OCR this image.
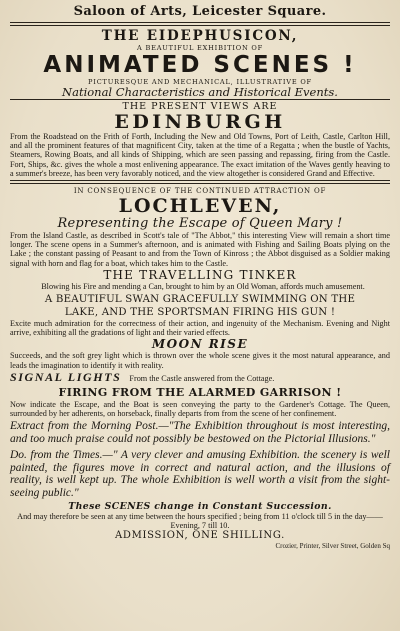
Saloon of Arts, Leicester Square.
THE EIDEPHUSICON,
A BEAUTIFUL EXHIBITION OF
ANIMATED SCENES !
PICTURESQUE AND MECHANICAL, ILLUSTRATIVE OF
National Characteristics and Historical Events.
THE PRESENT VIEWS ARE
EDINBURGH
From the Roadstead on the Frith of Forth, Including the New and Old Towns, Port of Leith, Castle, Carlton Hill, and all the prominent features of that magnificent City, taken at the time of a Regatta ; when the bustle of Yachts, Steamers, Rowing Boats, and all kinds of Shipping, which are seen passing and repassing, firing from the Castle. Fort, Ships, &c. gives the whole a most enlivening appearance. The exact imitation of the Waves gently heaving to a summer's breeze, has been very favorably noticed, and the view altogether is considered Grand and Effective.
IN CONSEQUENCE OF THE CONTINUED ATTRACTION OF
LOCHLEVEN,
Representing the Escape of Queen Mary !
From the Island Castle, as described in Scott's tale of "The Abbot," this interesting View will remain a short time longer. The scene opens in a Summer's afternoon, and is animated with Fishing and Sailing Boats plying on the Lake ; the constant passing of Peasant to and from the Town of Kinross ; the Abbot disguised as a Soldier making signal with horn and flag for a boat, which takes him to the Castle.
THE TRAVELLING TINKER
Blowing his Fire and mending a Can, brought to him by an Old Woman, affords much amusement.
A BEAUTIFUL SWAN GRACEFULLY SWIMMING ON THE
LAKE, AND THE SPORTSMAN FIRING HIS GUN !
Excite much admiration for the correctness of their action, and ingenuity of the Mechanism. Evening and Night arrive, exhibiting all the gradations of light and their varied effects.
MOON RISE
Succeeds, and the soft grey light which is thrown over the whole scene gives it the most natural appearance, and leads the imagination to identify it with reality.
SIGNAL LIGHTS From the Castle answered from the Cottage.
FIRING FROM THE ALARMED GARRISON !
Now indicate the Escape, and the Boat is seen conveying the party to the Gardener's Cottage. The Queen, surrounded by her adherents, on horseback, finally departs from from the scene of her confinement.
Extract from the Morning Post.—"The Exhibition throughout is most interesting, and too much praise could not possibly be bestowed on the Pictorial Illusions."
Do. from the Times.—" A very clever and amusing Exhibition. the scenery is well painted, the figures move in correct and natural action, and the illusions of reality, is well kept up. The whole Exhibition is well worth a visit from the sight-seeing public."
These SCENES change in Constant Succession.
And may therefore be seen at any time between the hours specified ; being from 11 o'clock till 5 in the day——Evening, 7 till 10.
ADMISSION, ONE SHILLING.
Crozier, Printer, Silver Street, Golden Sq
